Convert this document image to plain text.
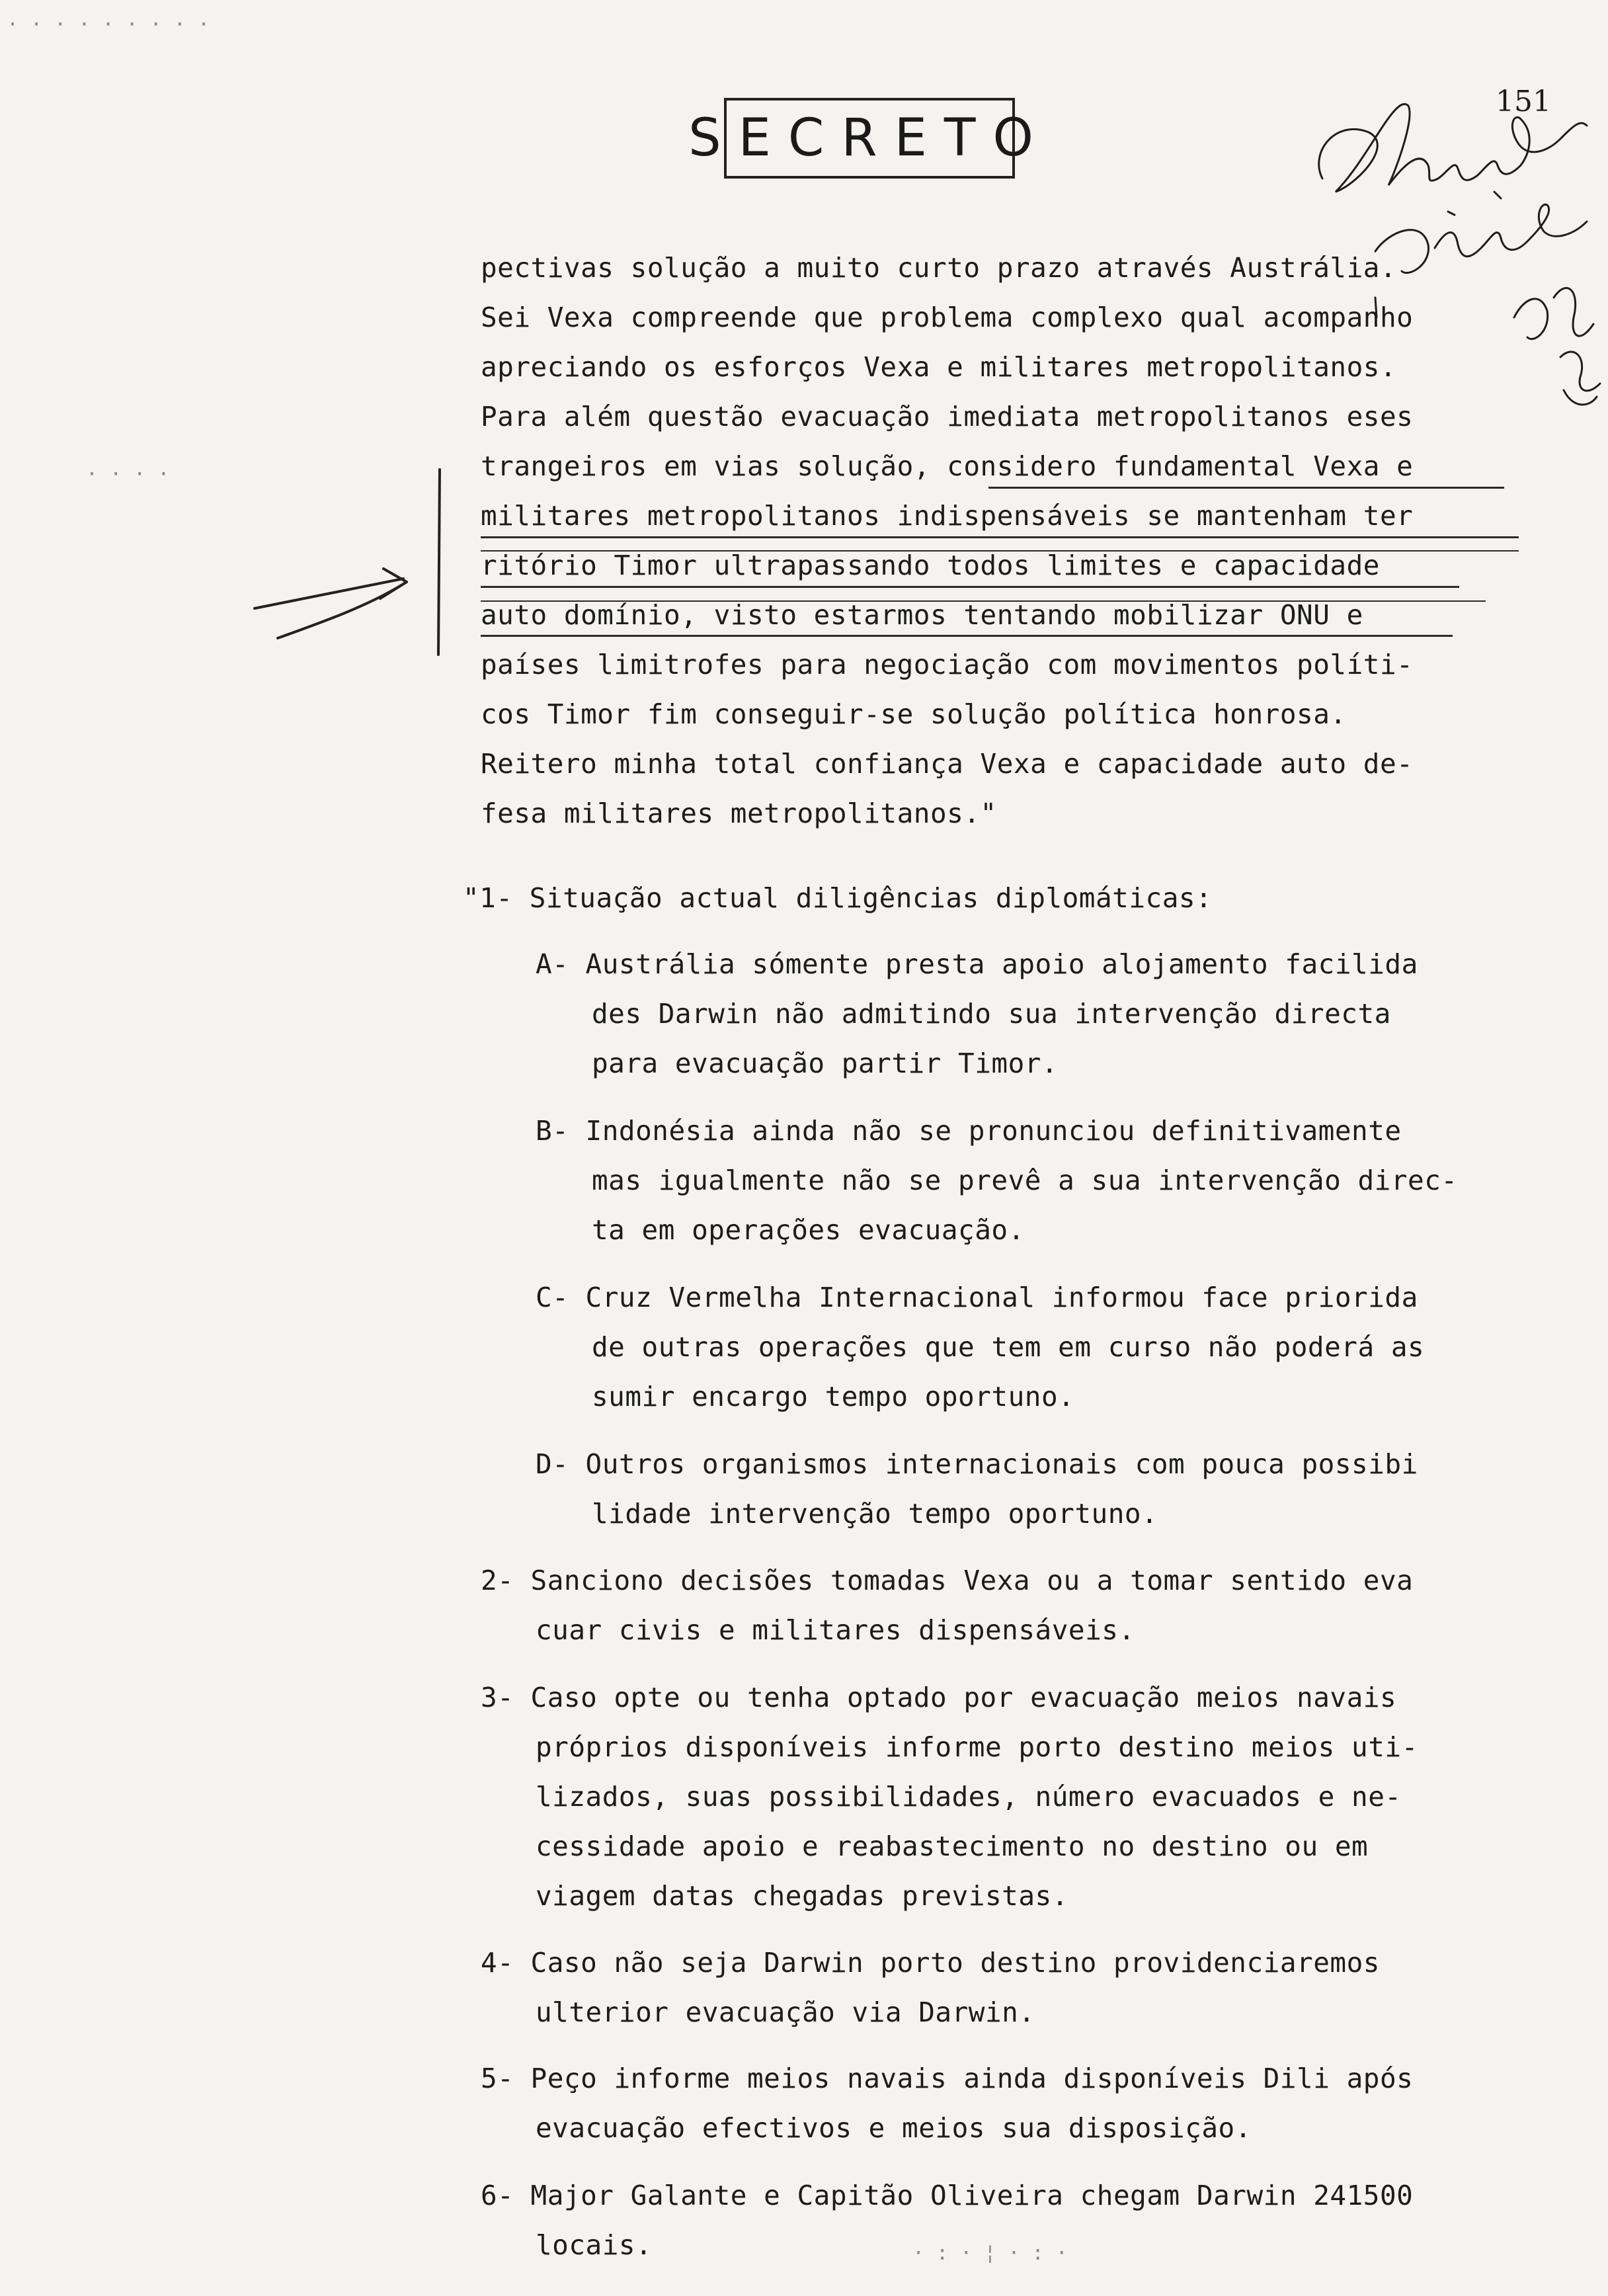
SECRETO
151
pectivas solução a muito curto prazo através Austrália.
Sei Vexa compreende que problema complexo qual acompanho
apreciando os esforços Vexa e militares metropolitanos.
Para além questão evacuação imediata metropolitanos eses
trangeiros em vias solução, considero fundamental Vexa e
militares metropolitanos indispensáveis se mantenham ter
ritório Timor ultrapassando todos limites e capacidade
auto domínio, visto estarmos tentando mobilizar ONU e
países limitrofes para negociação com movimentos políti-
cos Timor fim conseguir-se solução política honrosa.
Reitero minha total confiança Vexa e capacidade auto de-
fesa militares metropolitanos."
"1- Situação actual diligências diplomáticas:
A- Austrália sómente presta apoio alojamento facilida
des Darwin não admitindo sua intervenção directa
para evacuação partir Timor.
B- Indonésia ainda não se pronunciou definitivamente
mas igualmente não se prevê a sua intervenção direc-
ta em operações evacuação.
C- Cruz Vermelha Internacional informou face priorida
de outras operações que tem em curso não poderá as
sumir encargo tempo oportuno.
D- Outros organismos internacionais com pouca possibi
lidade intervenção tempo oportuno.
2- Sanciono decisões tomadas Vexa ou a tomar sentido eva
cuar civis e militares dispensáveis.
3- Caso opte ou tenha optado por evacuação meios navais
próprios disponíveis informe porto destino meios uti-
lizados, suas possibilidades, número evacuados e ne-
cessidade apoio e reabastecimento no destino ou em
viagem datas chegadas previstas.
4- Caso não seja Darwin porto destino providenciaremos
ulterior evacuação via Darwin.
5- Peço informe meios navais ainda disponíveis Dili após
evacuação efectivos e meios sua disposição.
6- Major Galante e Capitão Oliveira chegam Darwin 241500
locais.
· · · · · · · · ·
· · · ·
· : · ¦ · : ·
